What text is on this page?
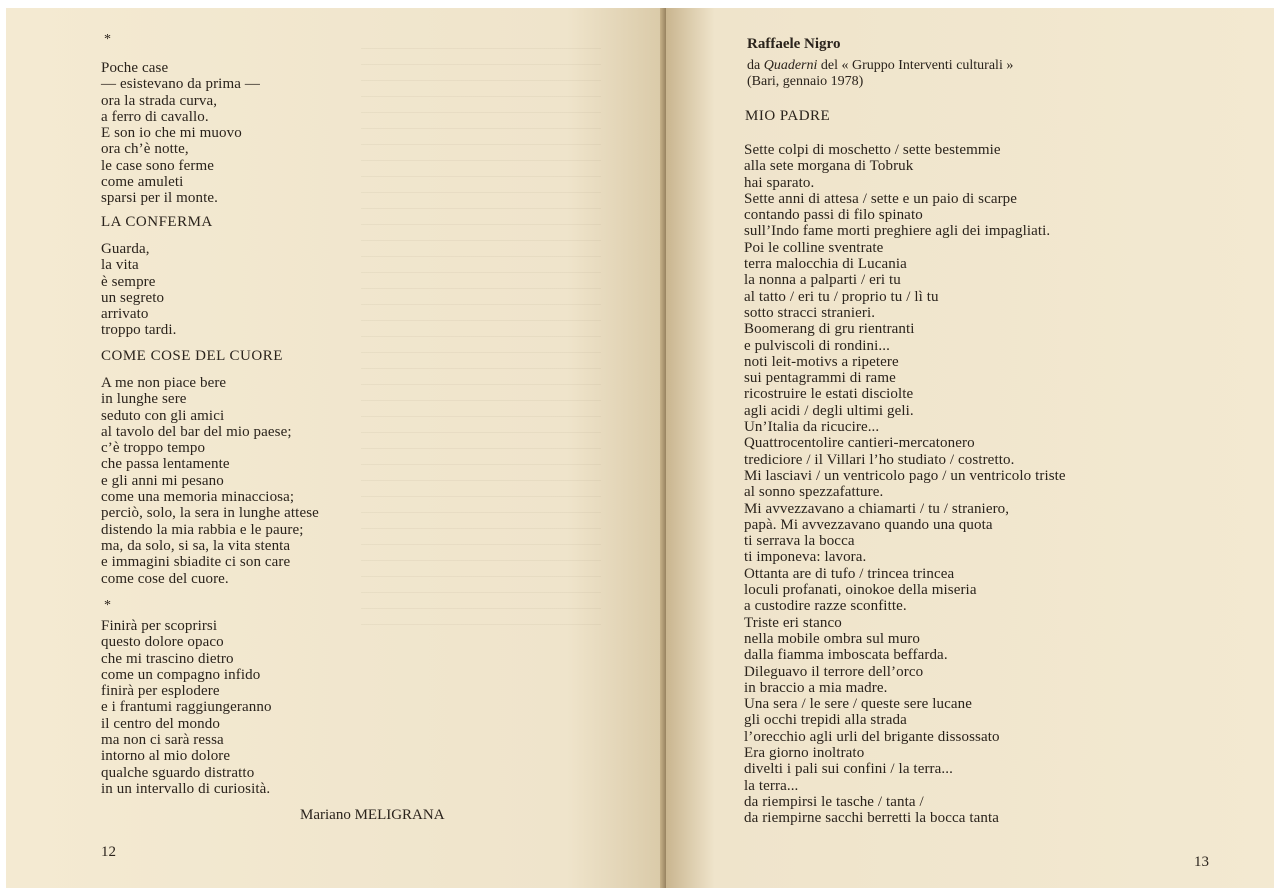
*
Poche case
— esistevano da prima —
ora la strada curva,
a ferro di cavallo.
E son io che mi muovo
ora ch’è notte,
le case sono ferme
come amuleti
sparsi per il monte.
LA CONFERMA
Guarda,
la vita
è sempre
un segreto
arrivato
troppo tardi.
COME COSE DEL CUORE
A me non piace bere
in lunghe sere
seduto con gli amici
al tavolo del bar del mio paese;
c’è troppo tempo
che passa lentamente
e gli anni mi pesano
come una memoria minacciosa;
perciò, solo, la sera in lunghe attese
distendo la mia rabbia e le paure;
ma, da solo, si sa, la vita stenta
e immagini sbiadite ci son care
come cose del cuore.
*
Finirà per scoprirsi
questo dolore opaco
che mi trascino dietro
come un compagno infido
finirà per esplodere
e i frantumi raggiungeranno
il centro del mondo
ma non ci sarà ressa
intorno al mio dolore
qualche sguardo distratto
in un intervallo di curiosità.
Mariano MELIGRANA
12
Raffaele Nigro
da Quaderni del « Gruppo Interventi culturali »
(Bari, gennaio 1978)
MIO PADRE
Sette colpi di moschetto / sette bestemmie
alla sete morgana di Tobruk
hai sparato.
Sette anni di attesa / sette e un paio di scarpe
contando passi di filo spinato
sull’Indo fame morti preghiere agli dei impagliati.
Poi le colline sventrate
terra malocchia di Lucania
la nonna a palparti / eri tu
al tatto / eri tu / proprio tu / lì tu
sotto stracci stranieri.
Boomerang di gru rientranti
e pulviscoli di rondini...
noti leit-motivs a ripetere
sui pentagrammi di rame
ricostruire le estati disciolte
agli acidi / degli ultimi geli.
Un’Italia da ricucire...
Quattrocentolire cantieri-mercatonero
trediciore / il Villari l’ho studiato / costretto.
Mi lasciavi / un ventricolo pago / un ventricolo triste
al sonno spezzafatture.
Mi avvezzavano a chiamarti / tu / straniero,
papà. Mi avvezzavano quando una quota
ti serrava la bocca
ti imponeva: lavora.
Ottanta are di tufo / trincea trincea
loculi profanati, oinokoe della miseria
a custodire razze sconfitte.
Triste eri stanco
nella mobile ombra sul muro
dalla fiamma imboscata beffarda.
Dileguavo il terrore dell’orco
in braccio a mia madre.
Una sera / le sere / queste sere lucane
gli occhi trepidi alla strada
l’orecchio agli urli del brigante dissossato
Era giorno inoltrato
divelti i pali sui confini / la terra...
la terra...
da riempirsi le tasche / tanta /
da riempirne sacchi berretti la bocca tanta
13
